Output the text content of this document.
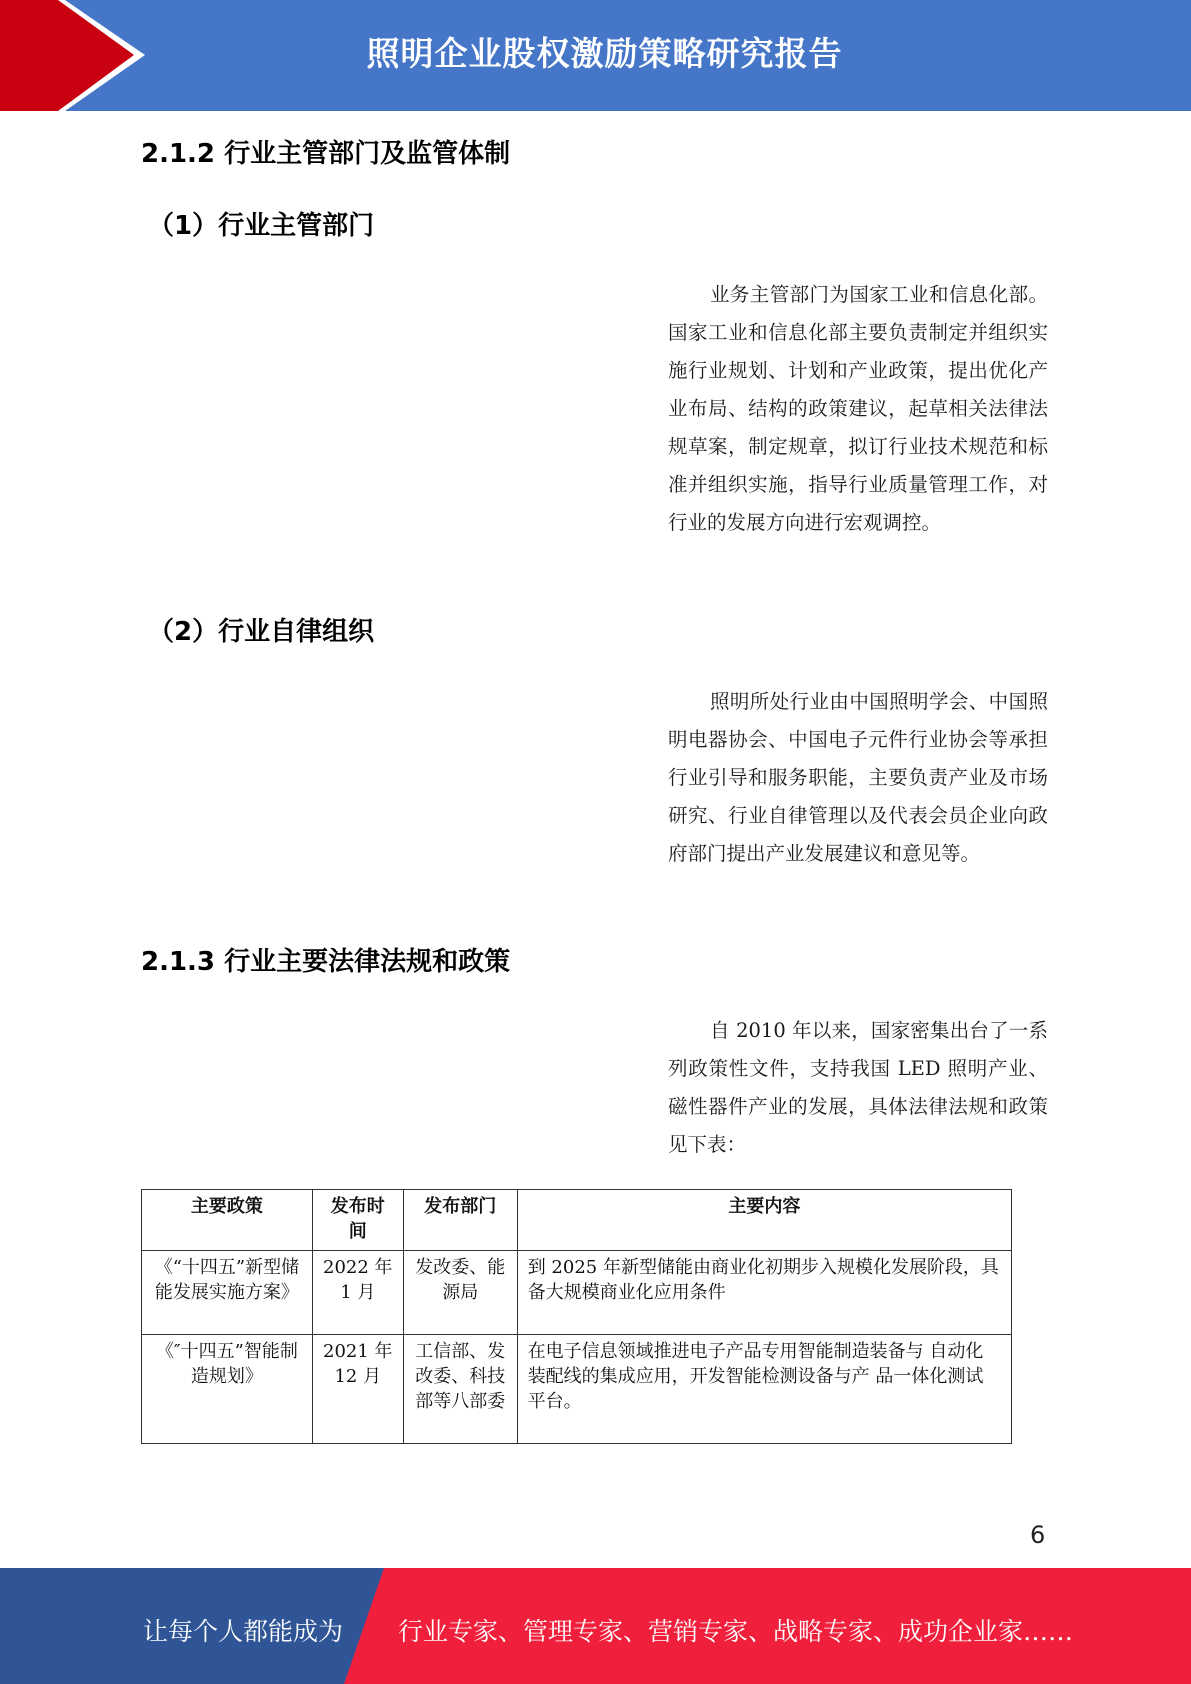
照明企业股权激励策略研究报告
2.1.2 行业主管部门及监管体制
（1）行业主管部门
业务主管部门为国家工业和信息化部。国家工业和信息化部主要负责制定并组织实施行业规划、计划和产业政策，提出优化产业布局、结构的政策建议，起草相关法律法规草案，制定规章，拟订行业技术规范和标准并组织实施，指导行业质量管理工作，对行业的发展方向进行宏观调控。
（2）行业自律组织
照明所处行业由中国照明学会、中国照明电器协会、中国电子元件行业协会等承担行业引导和服务职能，主要负责产业及市场研究、行业自律管理以及代表会员企业向政府部门提出产业发展建议和意见等。
2.1.3 行业主要法律法规和政策
自 2010 年以来，国家密集出台了一系列政策性文件，支持我国 LED 照明产业、磁性器件产业的发展，具体法律法规和政策见下表：
主要政策	发布时间	发布部门	主要内容
《“十四五”新型储能发展实施方案》	2022 年 1 月	发改委、能源局	到 2025 年新型储能由商业化初期步入规模化发展阶段，具备大规模商业化应用条件
《″十四五”智能制造规划》	2021 年 12 月	工信部、发改委、科技部等八部委	在电子信息领域推进电子产品专用智能制造装备与 自动化装配线的集成应用，开发智能检测设备与产 品一体化测试平台。
6
让每个人都能成为 行业专家、管理专家、营销专家、战略专家、成功企业家……
